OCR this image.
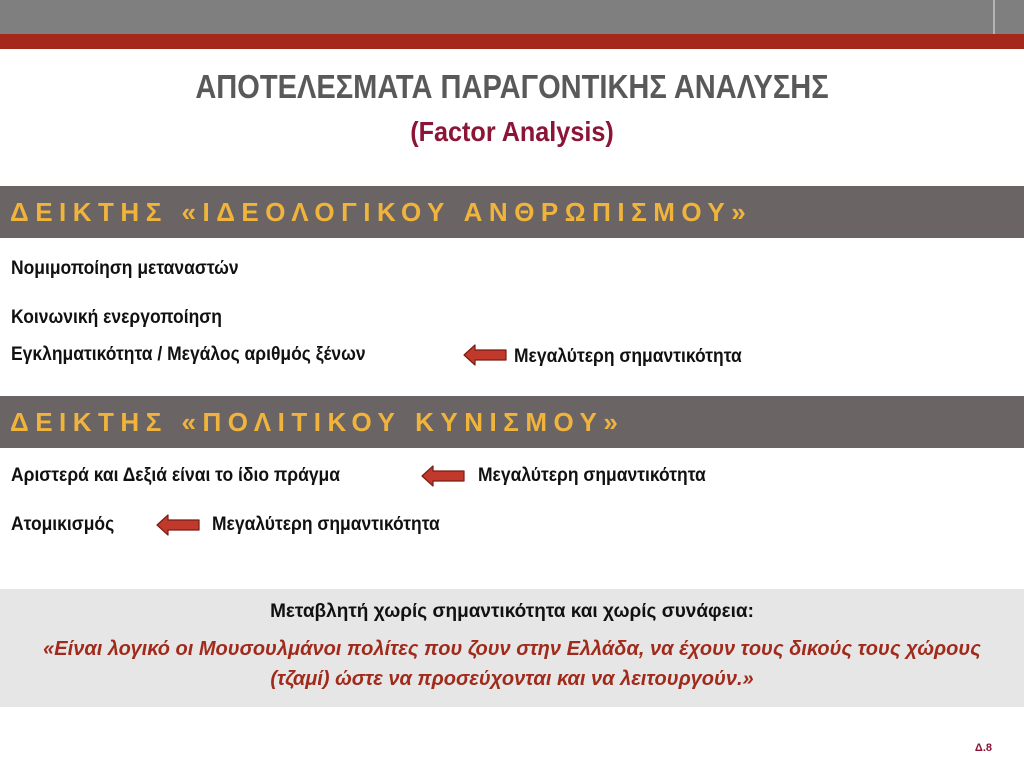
ΑΠΟΤΕΛΕΣΜΑΤΑ ΠΑΡΑΓΟΝΤΙΚΗΣ ΑΝΑΛΥΣΗΣ
(Factor Analysis)
ΔΕΙΚΤΗΣ «ΙΔΕΟΛΟΓΙΚΟΥ ΑΝΘΡΩΠΙΣΜΟΥ»
Νομιμοποίηση μεταναστών
Κοινωνική ενεργοποίηση
Εγκληματικότητα / Μεγάλος αριθμός ξένων	Μεγαλύτερη σημαντικότητα
ΔΕΙΚΤΗΣ «ΠΟΛΙΤΙΚΟΥ ΚΥΝΙΣΜΟΥ»
Αριστερά και Δεξιά είναι το ίδιο πράγμα	Μεγαλύτερη σημαντικότητα
Ατομικισμός	Μεγαλύτερη σημαντικότητα
Μεταβλητή χωρίς σημαντικότητα και χωρίς συνάφεια:
«Είναι λογικό οι Μουσουλμάνοι πολίτες που ζουν στην Ελλάδα, να έχουν τους δικούς τους χώρους
(τζαμί) ώστε να προσεύχονται και να λειτουργούν.»
Δ.8
